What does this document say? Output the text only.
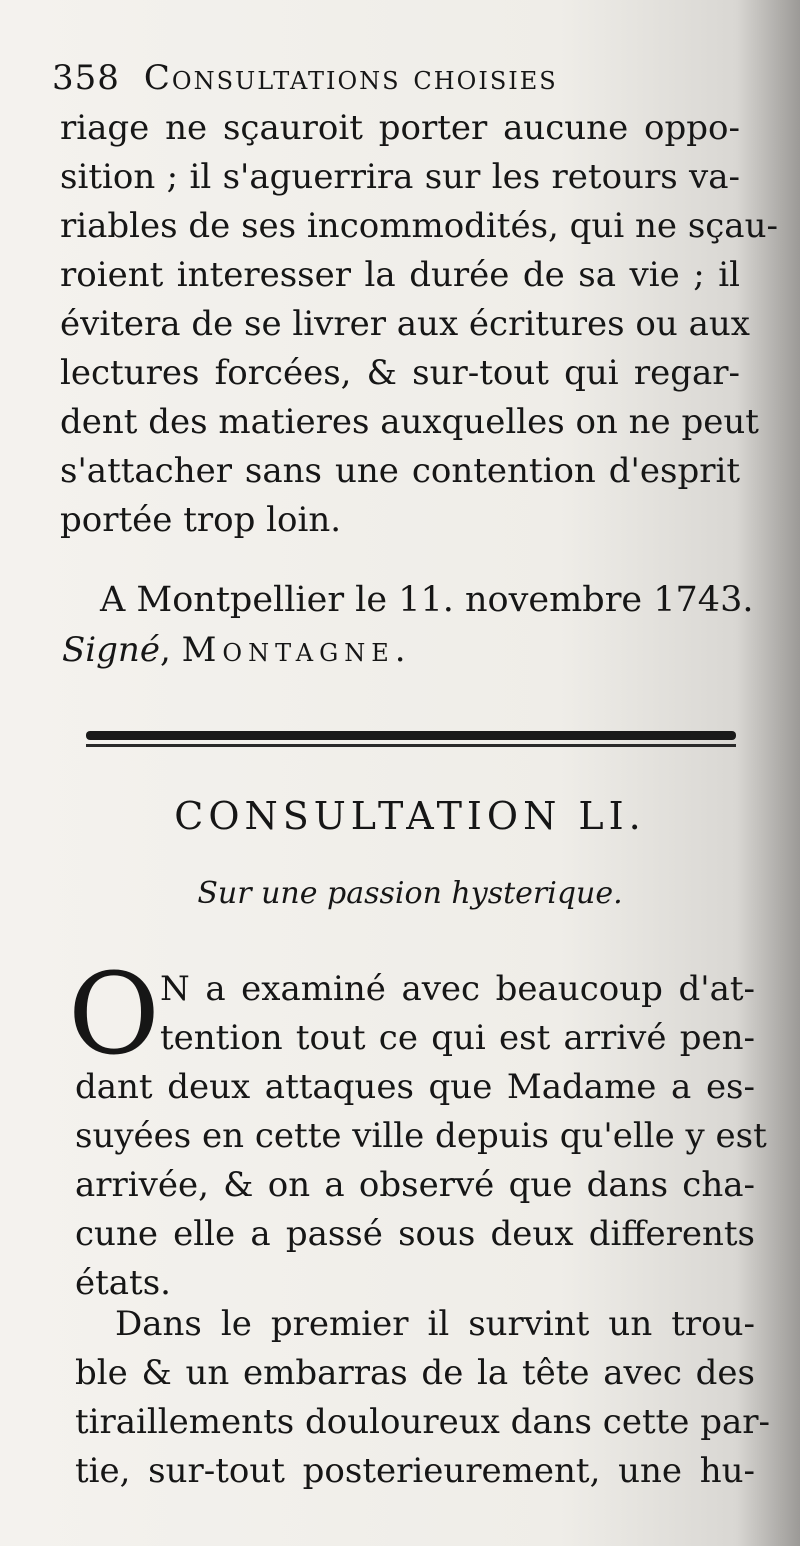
358 Consultations choisies
riage ne sçauroit porter aucune oppo-
sition ; il s'aguerrira sur les retours va-
riables de ses incommodités, qui ne sçau-
roient interesser la durée de sa vie ; il
évitera de se livrer aux écritures ou aux
lectures forcées, & sur-tout qui regar-
dent des matieres auxquelles on ne peut
s'attacher sans une contention d'esprit
portée trop loin.
A Montpellier le 11. novembre 1743.
Signé, Montagne.
CONSULTATION LI.
Sur une passion hysterique.
O N a examiné avec beaucoup d'at-
tention tout ce qui est arrivé pen-
dant deux attaques que Madame a es-
suyées en cette ville depuis qu'elle y est
arrivée, & on a observé que dans cha-
cune elle a passé sous deux differents
états.
Dans le premier il survint un trou-
ble & un embarras de la tête avec des
tiraillements douloureux dans cette par-
tie, sur-tout posterieurement, une hu-
